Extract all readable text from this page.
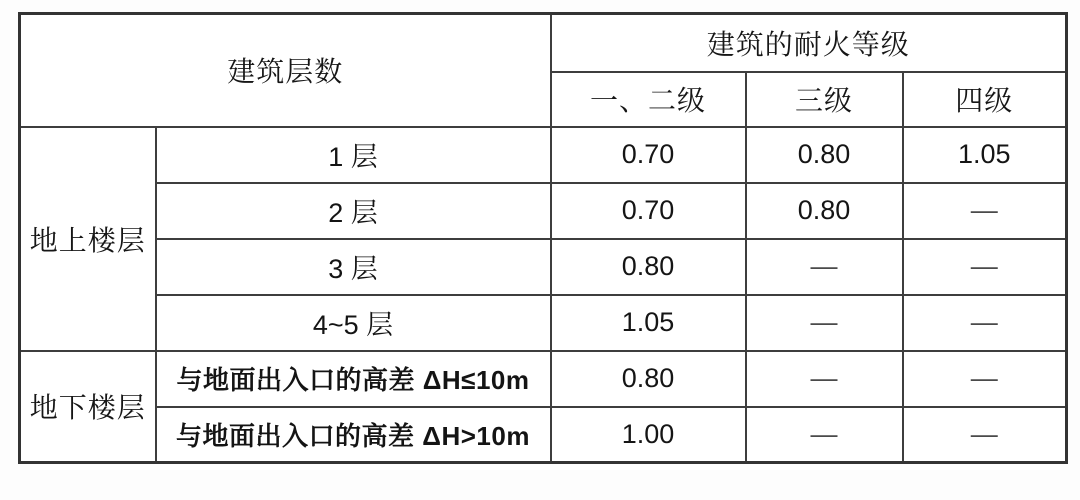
建筑层数		建筑的耐火等级		
		一、二级	三级	四级
地上楼层	1 层	0.70	0.80	1.05
	2 层	0.70	0.80	—
	3 层	0.80	—	—
	4~5 层	1.05	—	—
地下楼层	与地面出入口的高差 ΔH≤10m	0.80	—	—
	与地面出入口的高差 ΔH>10m	1.00	—	—
